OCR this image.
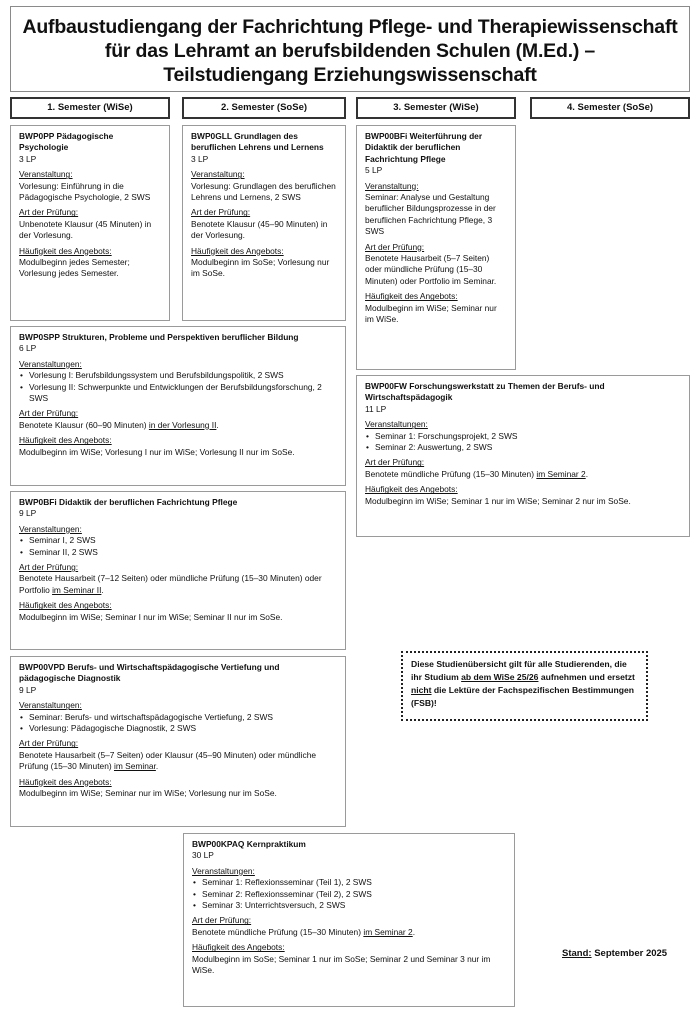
Aufbaustudiengang der Fachrichtung Pflege- und Therapiewissenschaft
für das Lehramt an berufsbildenden Schulen (M.Ed.) –
Teilstudiengang Erziehungswissenschaft
1. Semester (WiSe)	2. Semester (SoSe)	3. Semester (WiSe)	4. Semester (SoSe)
BWP0PP Pädagogische Psychologie
3 LP
Veranstaltung:
Vorlesung: Einführung in die Pädagogische Psychologie, 2 SWS
Art der Prüfung:
Unbenotete Klausur (45 Minuten) in der Vorlesung.
Häufigkeit des Angebots:
Modulbeginn jedes Semester; Vorlesung jedes Semester.
BWP0GLL Grundlagen des beruflichen Lehrens und Lernens
3 LP
Veranstaltung:
Vorlesung: Grundlagen des beruflichen Lehrens und Lernens, 2 SWS
Art der Prüfung:
Benotete Klausur (45–90 Minuten) in der Vorlesung.
Häufigkeit des Angebots:
Modulbeginn im SoSe; Vorlesung nur im SoSe.
BWP00BFi Weiterführung der Didaktik der beruflichen Fachrichtung Pflege
5 LP
Veranstaltung:
Seminar: Analyse und Gestaltung beruflicher Bildungsprozesse in der beruflichen Fachrichtung Pflege, 3 SWS
Art der Prüfung:
Benotete Hausarbeit (5–7 Seiten) oder mündliche Prüfung (15–30 Minuten) oder Portfolio im Seminar.
Häufigkeit des Angebots:
Modulbeginn im WiSe; Seminar nur im WiSe.
BWP0SPP Strukturen, Probleme und Perspektiven beruflicher Bildung
6 LP
Veranstaltungen:
• Vorlesung I: Berufsbildungssystem und Berufsbildungspolitik, 2 SWS
• Vorlesung II: Schwerpunkte und Entwicklungen der Berufsbildungsforschung, 2 SWS
Art der Prüfung:
Benotete Klausur (60–90 Minuten) in der Vorlesung II.
Häufigkeit des Angebots:
Modulbeginn im WiSe; Vorlesung I nur im WiSe; Vorlesung II nur im SoSe.
BWP00FW Forschungswerkstatt zu Themen der Berufs- und Wirtschaftspädagogik
11 LP
Veranstaltungen:
• Seminar 1: Forschungsprojekt, 2 SWS
• Seminar 2: Auswertung, 2 SWS
Art der Prüfung:
Benotete mündliche Prüfung (15–30 Minuten) im Seminar 2.
Häufigkeit des Angebots:
Modulbeginn im WiSe; Seminar 1 nur im WiSe; Seminar 2 nur im SoSe.
BWP0BFi Didaktik der beruflichen Fachrichtung Pflege
9 LP
Veranstaltungen:
• Seminar I, 2 SWS
• Seminar II, 2 SWS
Art der Prüfung:
Benotete Hausarbeit (7–12 Seiten) oder mündliche Prüfung (15–30 Minuten) oder Portfolio im Seminar II.
Häufigkeit des Angebots:
Modulbeginn im WiSe; Seminar I nur im WiSe; Seminar II nur im SoSe.
BWP00VPD Berufs- und Wirtschaftspädagogische Vertiefung und pädagogische Diagnostik
9 LP
Veranstaltungen:
• Seminar: Berufs- und wirtschaftspädagogische Vertiefung, 2 SWS
• Vorlesung: Pädagogische Diagnostik, 2 SWS
Art der Prüfung:
Benotete Hausarbeit (5–7 Seiten) oder Klausur (45–90 Minuten) oder mündliche Prüfung (15–30 Minuten) im Seminar.
Häufigkeit des Angebots:
Modulbeginn im WiSe; Seminar nur im WiSe; Vorlesung nur im SoSe.
Diese Studienübersicht gilt für alle Studierenden, die ihr Studium ab dem WiSe 25/26 aufnehmen und ersetzt nicht die Lektüre der Fachspezifischen Bestimmungen (FSB)!
BWP00KPAQ Kernpraktikum
30 LP
Veranstaltungen:
• Seminar 1: Reflexionsseminar (Teil 1), 2 SWS
• Seminar 2: Reflexionsseminar (Teil 2), 2 SWS
• Seminar 3: Unterrichtsversuch, 2 SWS
Art der Prüfung:
Benotete mündliche Prüfung (15–30 Minuten) im Seminar 2.
Häufigkeit des Angebots:
Modulbeginn im SoSe; Seminar 1 nur im SoSe; Seminar 2 und Seminar 3 nur im WiSe.
Stand: September 2025
